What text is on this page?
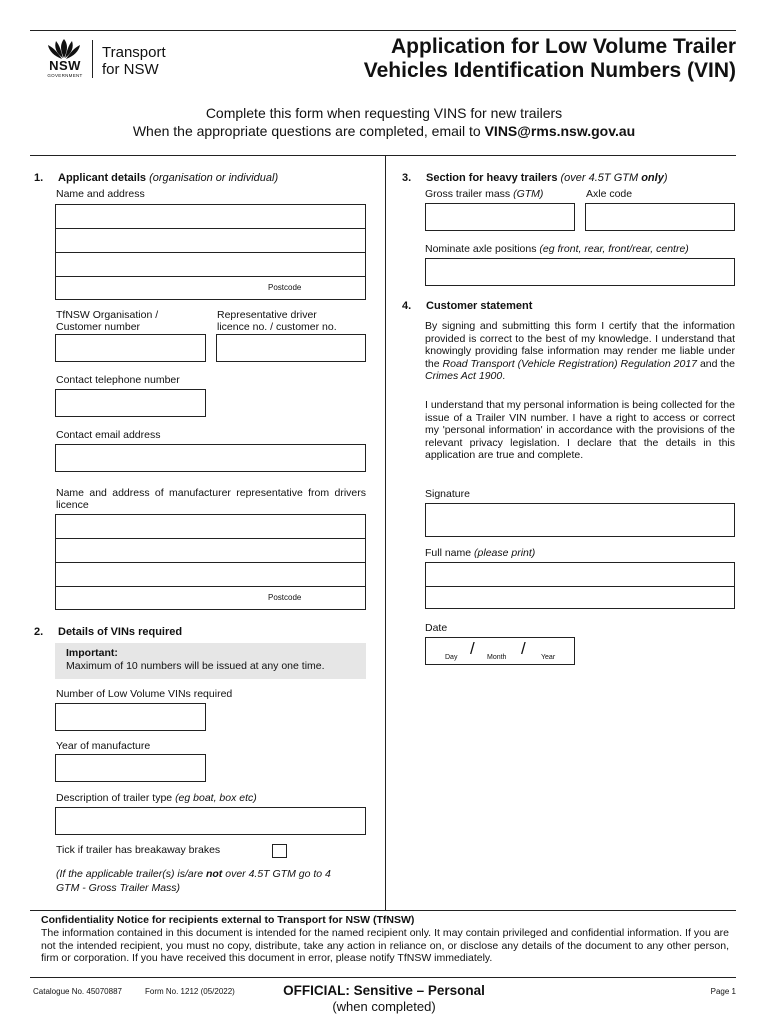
NSW
GOVERNMENT
Transport
for NSW
Application for Low Volume Trailer
Vehicles Identification Numbers (VIN)
Complete this form when requesting VINS for new trailers
When the appropriate questions are completed, email to VINS@rms.nsw.gov.au
1. Applicant details (organisation or individual)
Name and address
Postcode
TfNSW Organisation /
Customer number
Representative driver
licence no. / customer no.
Contact telephone number
Contact email address
Name and address of manufacturer representative from drivers licence
Postcode
2. Details of VINs required
Important:
Maximum of 10 numbers will be issued at any one time.
Number of Low Volume VINs required
Year of manufacture
Description of trailer type (eg boat, box etc)
Tick if trailer has breakaway brakes
(If the applicable trailer(s) is/are not over 4.5T GTM go to 4
GTM - Gross Trailer Mass)
3. Section for heavy trailers (over 4.5T GTM only)
Gross trailer mass (GTM)	Axle code
Nominate axle positions (eg front, rear, front/rear, centre)
4. Customer statement
By signing and submitting this form I certify that the information provided is correct to the best of my knowledge. I understand that knowingly providing false information may render me liable under the Road Transport (Vehicle Registration) Regulation 2017 and the Crimes Act 1900.
I understand that my personal information is being collected for the issue of a Trailer VIN number. I have a right to access or correct my 'personal information' in accordance with the provisions of the relevant privacy legislation. I declare that the details in this application are true and complete.
Signature
Full name (please print)
Date
Day / Month / Year
Confidentiality Notice for recipients external to Transport for NSW (TfNSW)
The information contained in this document is intended for the named recipient only. It may contain privileged and confidential information. If you are not the intended recipient, you must no copy, distribute, take any action in reliance on, or disclose any details of the document to any other person, firm or corporation. If you have received this document in error, please notify TfNSW immediately.
Catalogue No. 45070887	Form No. 1212 (05/2022)	OFFICIAL: Sensitive – Personal
(when completed)
Page 1
